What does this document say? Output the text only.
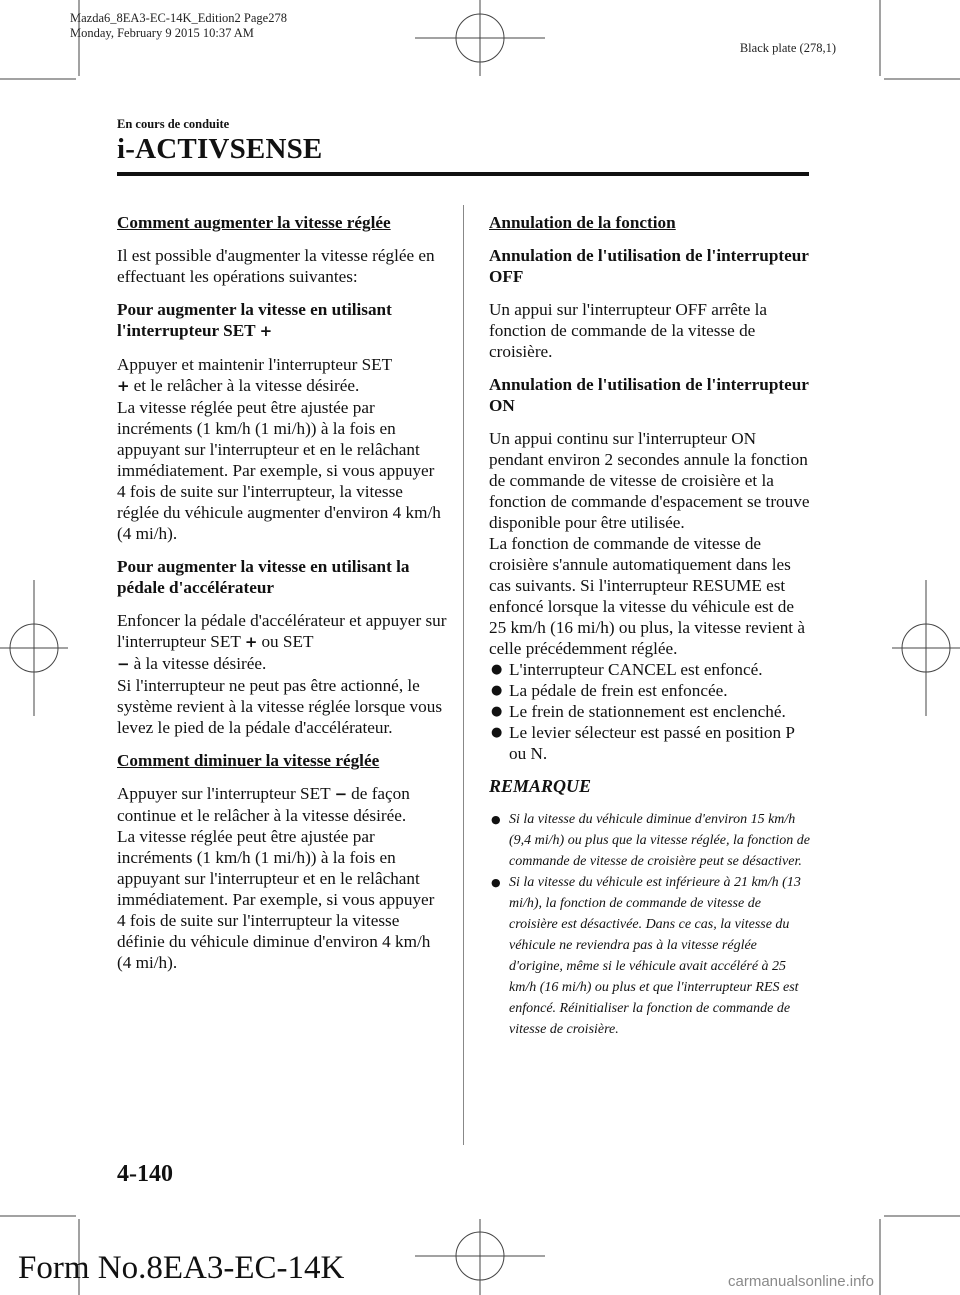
Mazda6_8EA3-EC-14K_Edition2 Page278
Monday, February 9 2015 10:37 AM
Black plate (278,1)
En cours de conduite
i-ACTIVSENSE

Comment augmenter la vitesse réglée

Il est possible d'augmenter la vitesse réglée en effectuant les opérations suivantes:

Pour augmenter la vitesse en utilisant l'interrupteur SET +

Appuyer et maintenir l'interrupteur SET
+ et le relâcher à la vitesse désirée.

La vitesse réglée peut être ajustée par incréments (1 km/h (1 mi/h)) à la fois en appuyant sur l'interrupteur et en le relâchant immédiatement. Par exemple, si vous appuyer 4 fois de suite sur l'interrupteur, la vitesse réglée du véhicule augmenter d'environ 4 km/h (4 mi/h).

Pour augmenter la vitesse en utilisant la pédale d'accélérateur

Enfoncer la pédale d'accélérateur et appuyer sur l'interrupteur SET + ou SET
− à la vitesse désirée.

Si l'interrupteur ne peut pas être actionné, le système revient à la vitesse réglée lorsque vous levez le pied de la pédale d'accélérateur.

Comment diminuer la vitesse réglée

Appuyer sur l'interrupteur SET − de façon continue et le relâcher à la vitesse désirée.

La vitesse réglée peut être ajustée par incréments (1 km/h (1 mi/h)) à la fois en appuyant sur l'interrupteur et en le relâchant immédiatement. Par exemple, si vous appuyer 4 fois de suite sur l'interrupteur la vitesse définie du véhicule diminue d'environ 4 km/h (4 mi/h).

Annulation de la fonction

Annulation de l'utilisation de l'interrupteur OFF

Un appui sur l'interrupteur OFF arrête la fonction de commande de la vitesse de croisière.

Annulation de l'utilisation de l'interrupteur ON

Un appui continu sur l'interrupteur ON pendant environ 2 secondes annule la fonction de commande de vitesse de croisière et la fonction de commande d'espacement se trouve disponible pour être utilisée.

La fonction de commande de vitesse de croisière s'annule automatiquement dans les cas suivants. Si l'interrupteur RESUME est enfoncé lorsque la vitesse du véhicule est de 25 km/h (16 mi/h) ou plus, la vitesse revient à celle précédemment réglée.

● L'interrupteur CANCEL est enfoncé.
● La pédale de frein est enfoncée.
● Le frein de stationnement est enclenché.
● Le levier sélecteur est passé en position P ou N.

REMARQUE

● Si la vitesse du véhicule diminue d'environ 15 km/h (9,4 mi/h) ou plus que la vitesse réglée, la fonction de commande de vitesse de croisière peut se désactiver.
● Si la vitesse du véhicule est inférieure à 21 km/h (13 mi/h), la fonction de commande de vitesse de croisière est désactivée. Dans ce cas, la vitesse du véhicule ne reviendra pas à la vitesse réglée d'origine, même si le véhicule avait accéléré à 25 km/h (16 mi/h) ou plus et que l'interrupteur RES est enfoncé. Réinitialiser la fonction de commande de vitesse de croisière.
4-140
Form No.8EA3-EC-14K	carmanualsonline.info
